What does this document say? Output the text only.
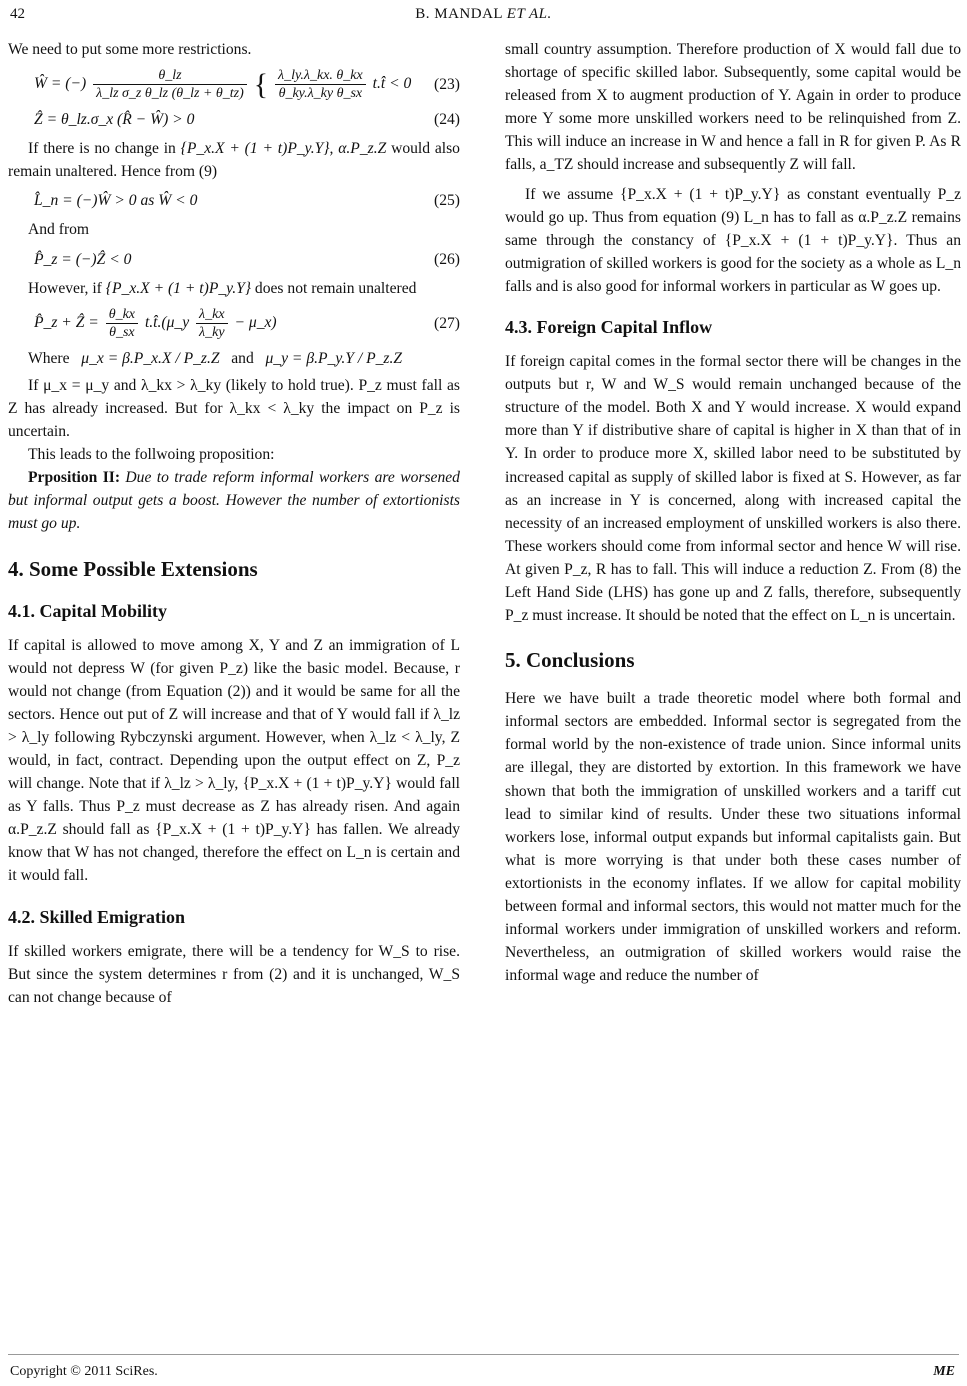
42	B. MANDAL ET AL.

We need to put some more restrictions.

Ŵ = (−) $\frac{\theta\_lz}{\text{λ\_lz σ\_z θ\_lz (θ\_lz + θ\_tz)}}$ { $\frac{\lambda\_ly.\lambda\_kx. \theta\_kx}{\text{θ\_ky.λ\_ky θ\_sx}}$ t.t̂ < 0	(23)
Ẑ = θ_lz.σ_x (R̂ − Ŵ) > 0	(24)

If there is no change in {P_x.X + (1 + t)P_y.Y}, α.P_z.Z would also remain unaltered. Hence from (9)

L̂_n = (−)Ŵ > 0 as Ŵ < 0	(25)

And from

P̂_z = (−)Ẑ < 0	(26)

However, if {P_x.X + (1 + t)P_y.Y} does not remain unaltered

P̂_z + Ẑ = $\frac{\theta\_kx}{\theta\_sx}$ t.t̂.(μ_y $\frac{\lambda\_kx}{\lambda\_ky}$ − μ_x)	(27)

Where μ_x = β.P_x.X / P_z.Z and μ_y = β.P_y.Y / P_z.Z

If μ_x = μ_y and λ_kx > λ_ky (likely to hold true). P_z must fall as Z has already increased. But for λ_kx < λ_ky the impact on P_z is uncertain.

This leads to the follwoing proposition:

Prposition II: Due to trade reform informal workers are worsened but informal output gets a boost. However the number of extortionists must go up.

4. Some Possible Extensions
4.1. Capital Mobility

If capital is allowed to move among X, Y and Z an immigration of L would not depress W (for given P_z) like the basic model. Because, r would not change (from Equation (2)) and it would be same for all the sectors. Hence out put of Z will increase and that of Y would fall if λ_lz > λ_ly following Rybczynski argument. However, when λ_lz < λ_ly, Z would, in fact, contract. Depending upon the output effect on Z, P_z will change. Note that if λ_lz > λ_ly, {P_x.X + (1 + t)P_y.Y} would fall as Y falls. Thus P_z must decrease as Z has already risen. And again α.P_z.Z should fall as {P_x.X + (1 + t)P_y.Y} has fallen. We already know that W has not changed, therefore the effect on L_n is certain and it would fall.

4.2. Skilled Emigration

If skilled workers emigrate, there will be a tendency for W_S to rise. But since the system determines r from (2) and it is unchanged, W_S can not change because of

small country assumption. Therefore production of X would fall due to shortage of specific skilled labor. Subsequently, some capital would be released from X to augment production of Y. Again in order to produce more Y some more unskilled workers need to be relinquished from Z. This will induce an increase in W and hence a fall in R for given P. As R falls, a_TZ should increase and subsequently Z will fall.

If we assume {P_x.X + (1 + t)P_y.Y} as constant eventually P_z would go up. Thus from equation (9) L_n has to fall as α.P_z.Z remains same through the constancy of {P_x.X + (1 + t)P_y.Y}. Thus an outmigration of skilled workers is good for the society as a whole as L_n falls and is also good for informal workers in particular as W goes up.

4.3. Foreign Capital Inflow

If foreign capital comes in the formal sector there will be changes in the outputs but r, W and W_S would remain unchanged because of the structure of the model. Both X and Y would increase. X would expand more than Y if distributive share of capital is higher in X than that of in Y. In order to produce more X, skilled labor need to be substituted by increased capital as supply of skilled labor is fixed at S. However, as far as an increase in Y is concerned, along with increased capital the necessity of an increased employment of unskilled workers is also there. These workers should come from informal sector and hence W will rise. At given P_z, R has to fall. This will induce a reduction Z. From (8) the Left Hand Side (LHS) has gone up and Z falls, therefore, subsequently P_z must increase. It should be noted that the effect on L_n is uncertain.

5. Conclusions

Here we have built a trade theoretic model where both formal and informal sectors are embedded. Informal sector is segregated from the formal world by the non-existence of trade union. Since informal units are illegal, they are distorted by extortion. In this framework we have shown that both the immigration of unskilled workers and a tariff cut lead to similar kind of results. Under these two situations informal workers lose, informal output expands but informal capitalists gain. But what is more worrying is that under both these cases number of extortionists in the economy inflates. If we allow for capital mobility between formal and informal sectors, this would not matter much for the informal workers under immigration of unskilled workers and reform. Nevertheless, an outmigration of skilled workers would raise the informal wage and reduce the number of

Copyright © 2011 SciRes.	ME
